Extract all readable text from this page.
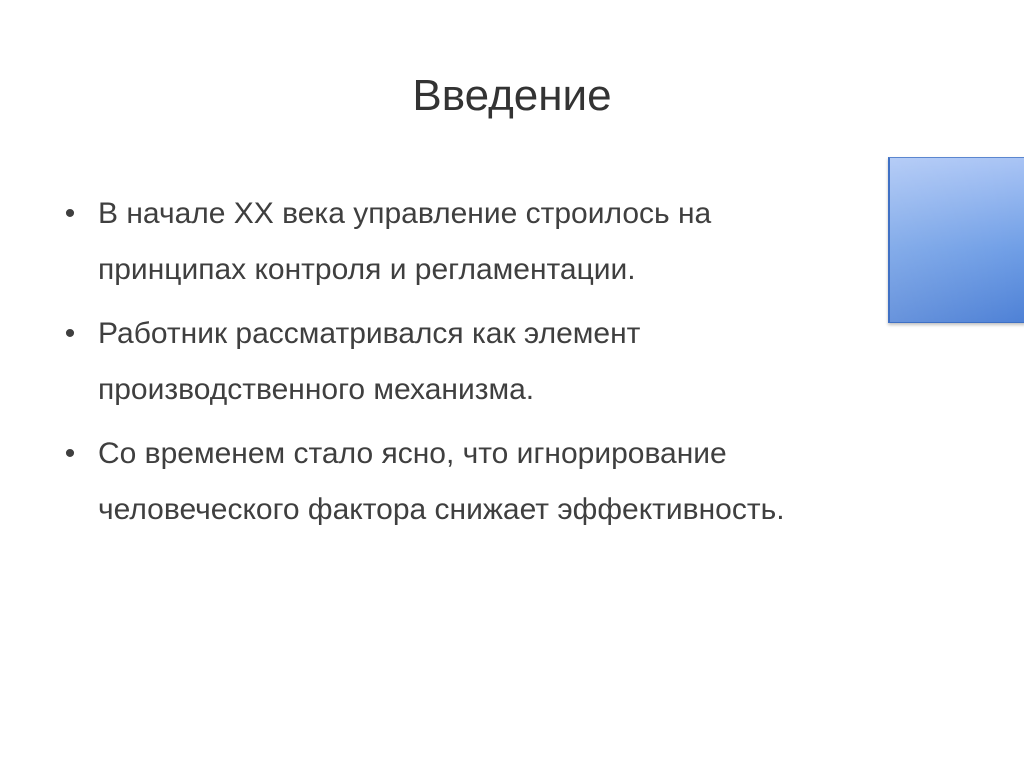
Введение
• В начале XX века управление строилось на принципах контроля и регламентации.
• Работник рассматривался как элемент производственного механизма.
• Со временем стало ясно, что игнорирование человеческого фактора снижает эффективность.
